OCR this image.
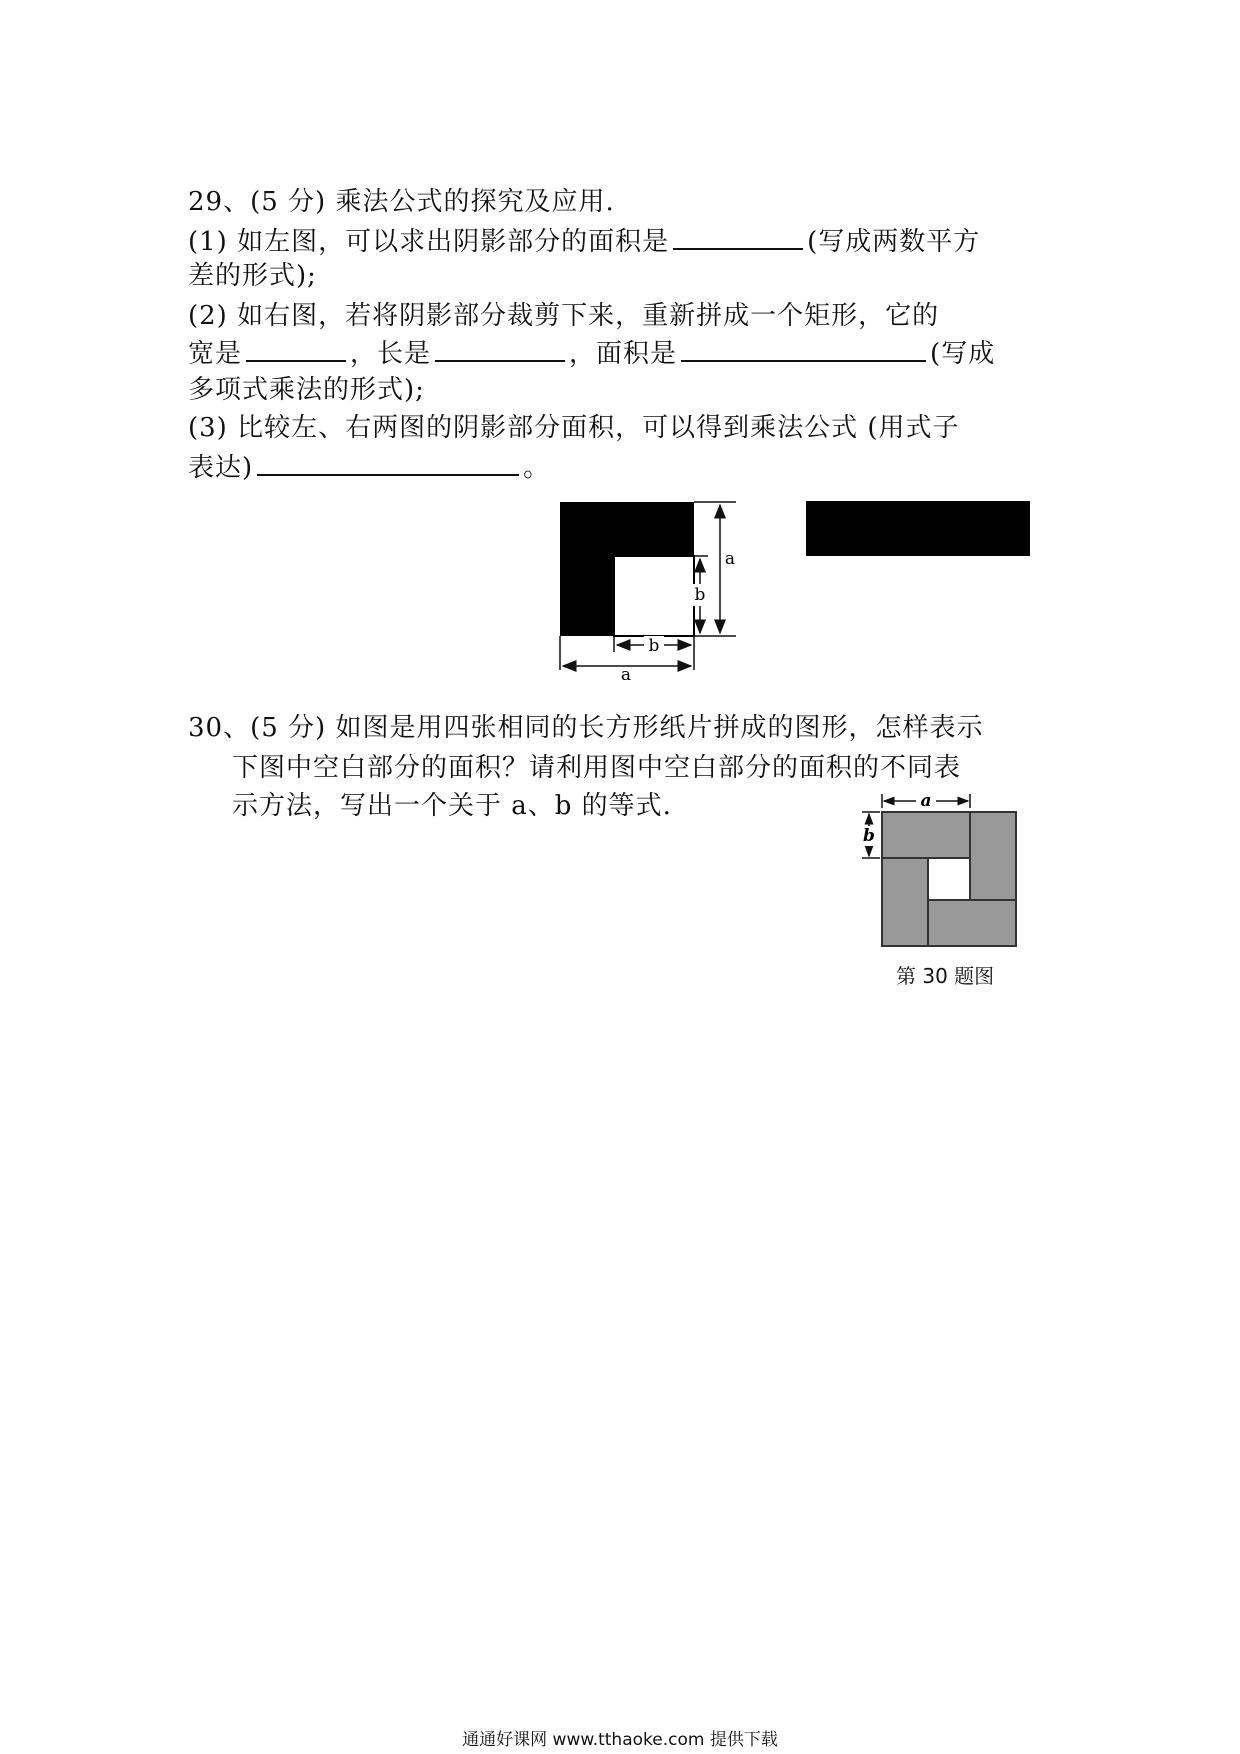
29、(5 分) 乘法公式的探究及应用.
(1) 如左图，可以求出阴影部分的面积是	(写成两数平方
差的形式);
(2) 如右图，若将阴影部分裁剪下来，重新拼成一个矩形，它的
宽是	，长是	，面积是	(写成
多项式乘法的形式);
(3) 比较左、右两图的阴影部分面积，可以得到乘法公式 (用式子
表达)	。
a
b
b
a
30、(5 分) 如图是用四张相同的长方形纸片拼成的图形，怎样表示
下图中空白部分的面积？请利用图中空白部分的面积的不同表
示方法，写出一个关于 a、b 的等式.	a
b
第 30 题图
通通好课网 www.tthaoke.com 提供下载
